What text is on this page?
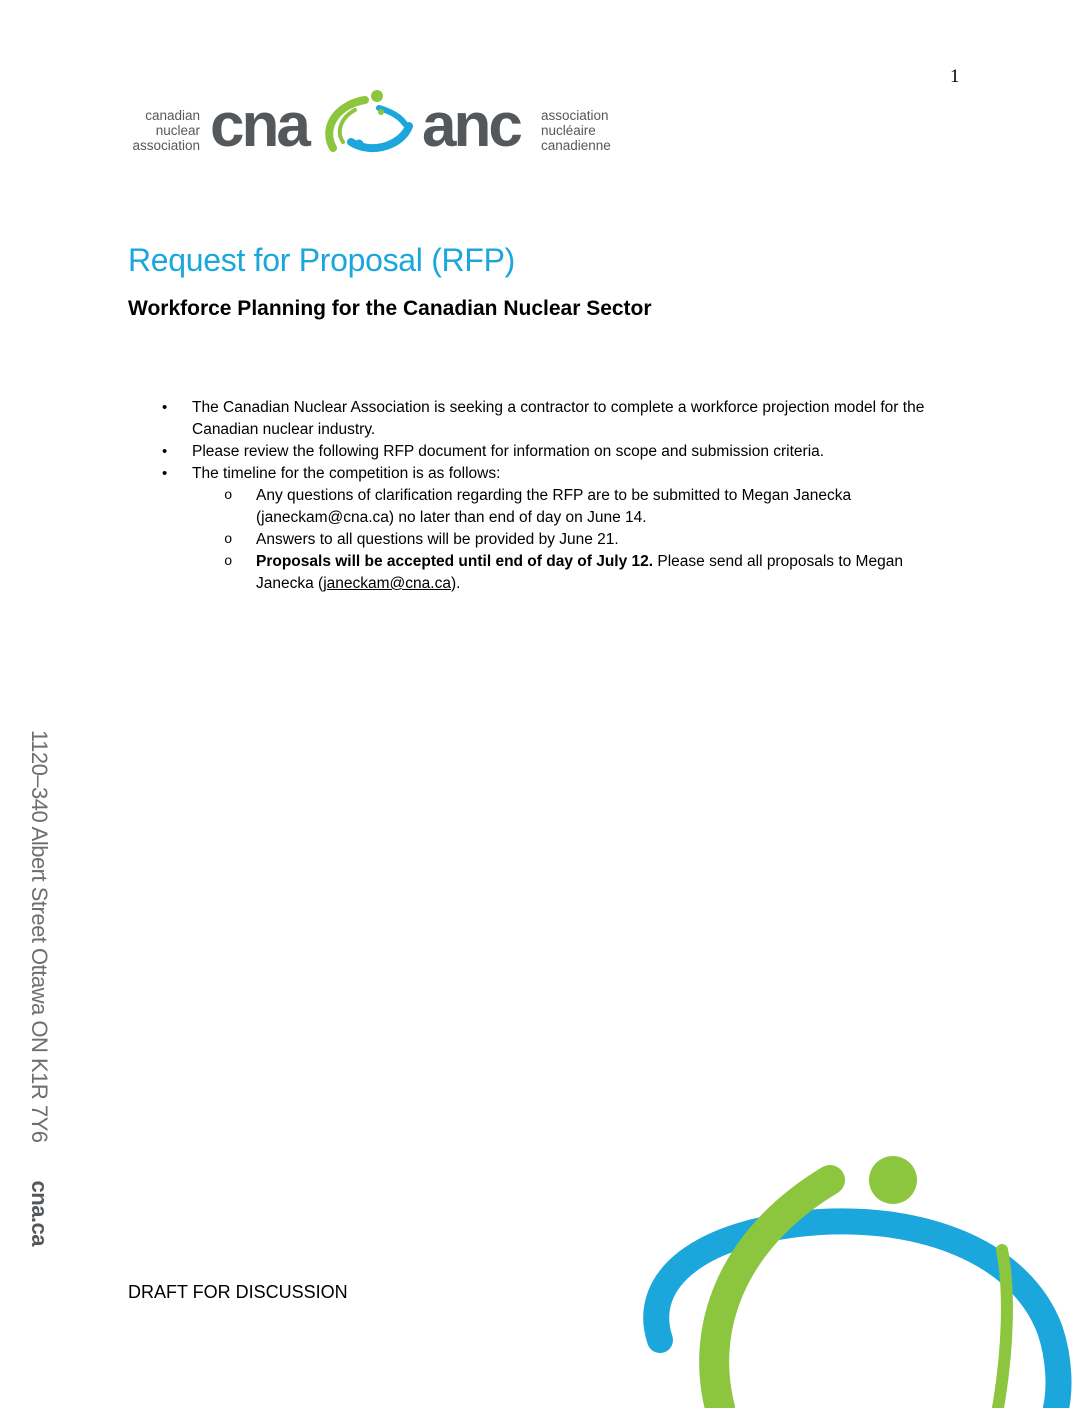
1
canadian
nuclear
association cna anc association
nucléaire
canadienne
Request for Proposal (RFP)
Workforce Planning for the Canadian Nuclear Sector
• The Canadian Nuclear Association is seeking a contractor to complete a workforce projection model for the Canadian nuclear industry.
• Please review the following RFP document for information on scope and submission criteria.
• The timeline for the competition is as follows:
o Any questions of clarification regarding the RFP are to be submitted to Megan Janecka (janeckam@cna.ca) no later than end of day on June 14.
o Answers to all questions will be provided by June 21.
o Proposals will be accepted until end of day of July 12. Please send all proposals to Megan Janecka (janeckam@cna.ca).
1120–340 Albert Street Ottawa ON K1R 7Y6cna.ca
DRAFT FOR DISCUSSION
